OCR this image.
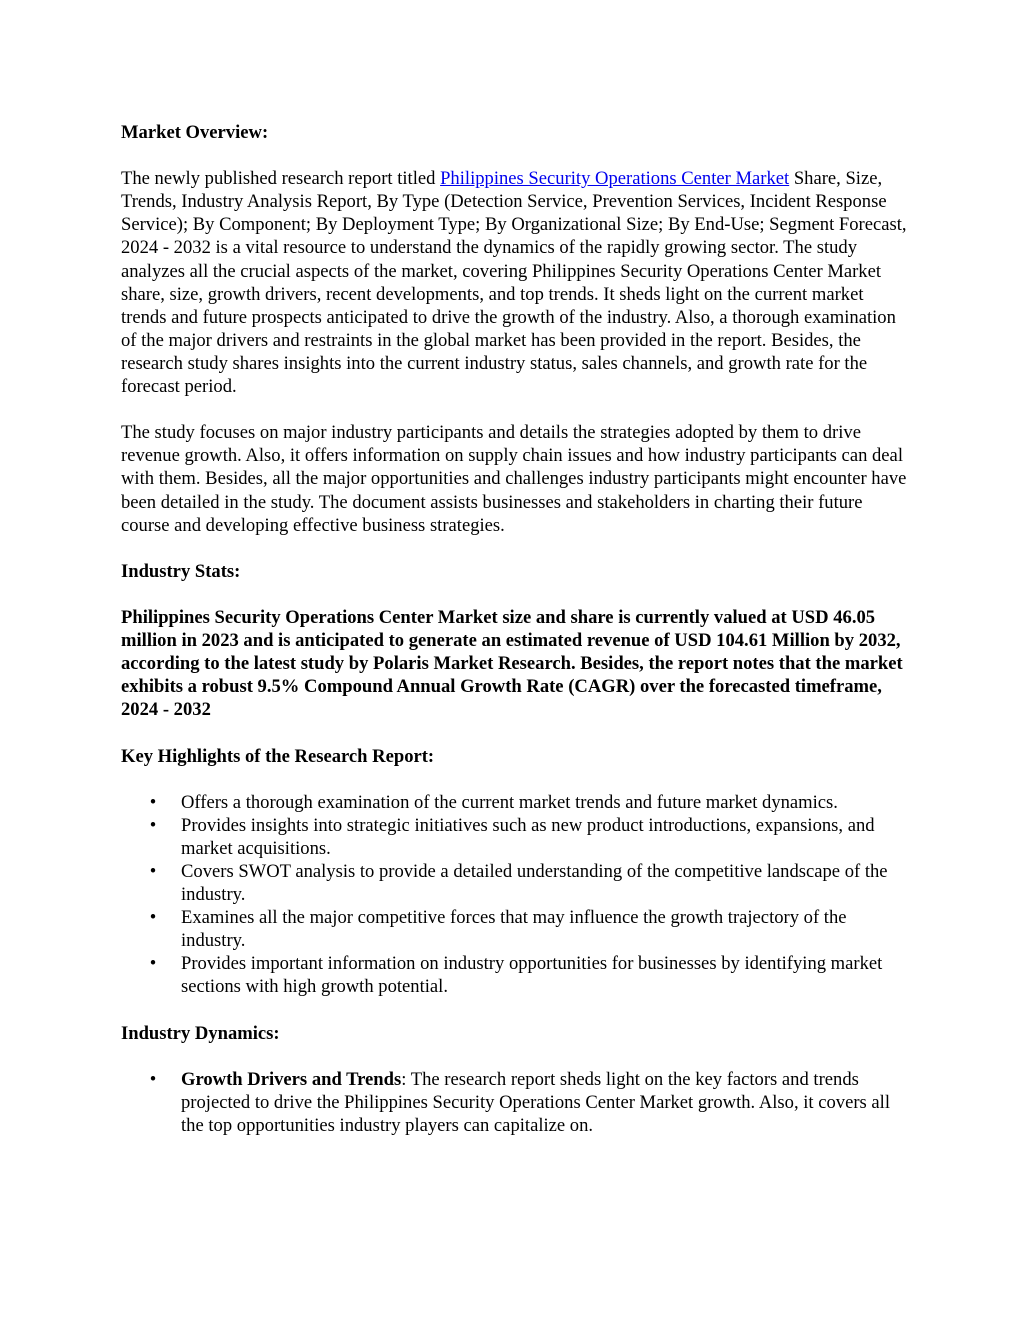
Market Overview:

The newly published research report titled Philippines Security Operations Center Market Share, Size, Trends, Industry Analysis Report, By Type (Detection Service, Prevention Services, Incident Response Service); By Component; By Deployment Type; By Organizational Size; By End-Use; Segment Forecast, 2024 - 2032 is a vital resource to understand the dynamics of the rapidly growing sector. The study analyzes all the crucial aspects of the market, covering Philippines Security Operations Center Market share, size, growth drivers, recent developments, and top trends. It sheds light on the current market trends and future prospects anticipated to drive the growth of the industry. Also, a thorough examination of the major drivers and restraints in the global market has been provided in the report. Besides, the research study shares insights into the current industry status, sales channels, and growth rate for the forecast period.

The study focuses on major industry participants and details the strategies adopted by them to drive revenue growth. Also, it offers information on supply chain issues and how industry participants can deal with them. Besides, all the major opportunities and challenges industry participants might encounter have been detailed in the study. The document assists businesses and stakeholders in charting their future course and developing effective business strategies.

Industry Stats:

Philippines Security Operations Center Market size and share is currently valued at USD 46.05 million in 2023 and is anticipated to generate an estimated revenue of USD 104.61 Million by 2032, according to the latest study by Polaris Market Research. Besides, the report notes that the market exhibits a robust 9.5% Compound Annual Growth Rate (CAGR) over the forecasted timeframe, 2024 - 2032

Key Highlights of the Research Report:
• Offers a thorough examination of the current market trends and future market dynamics.
• Provides insights into strategic initiatives such as new product introductions, expansions, and market acquisitions.
• Covers SWOT analysis to provide a detailed understanding of the competitive landscape of the industry.
• Examines all the major competitive forces that may influence the growth trajectory of the industry.
• Provides important information on industry opportunities for businesses by identifying market sections with high growth potential.
Industry Dynamics:
• Growth Drivers and Trends: The research report sheds light on the key factors and trends projected to drive the Philippines Security Operations Center Market growth. Also, it covers all the top opportunities industry players can capitalize on.
